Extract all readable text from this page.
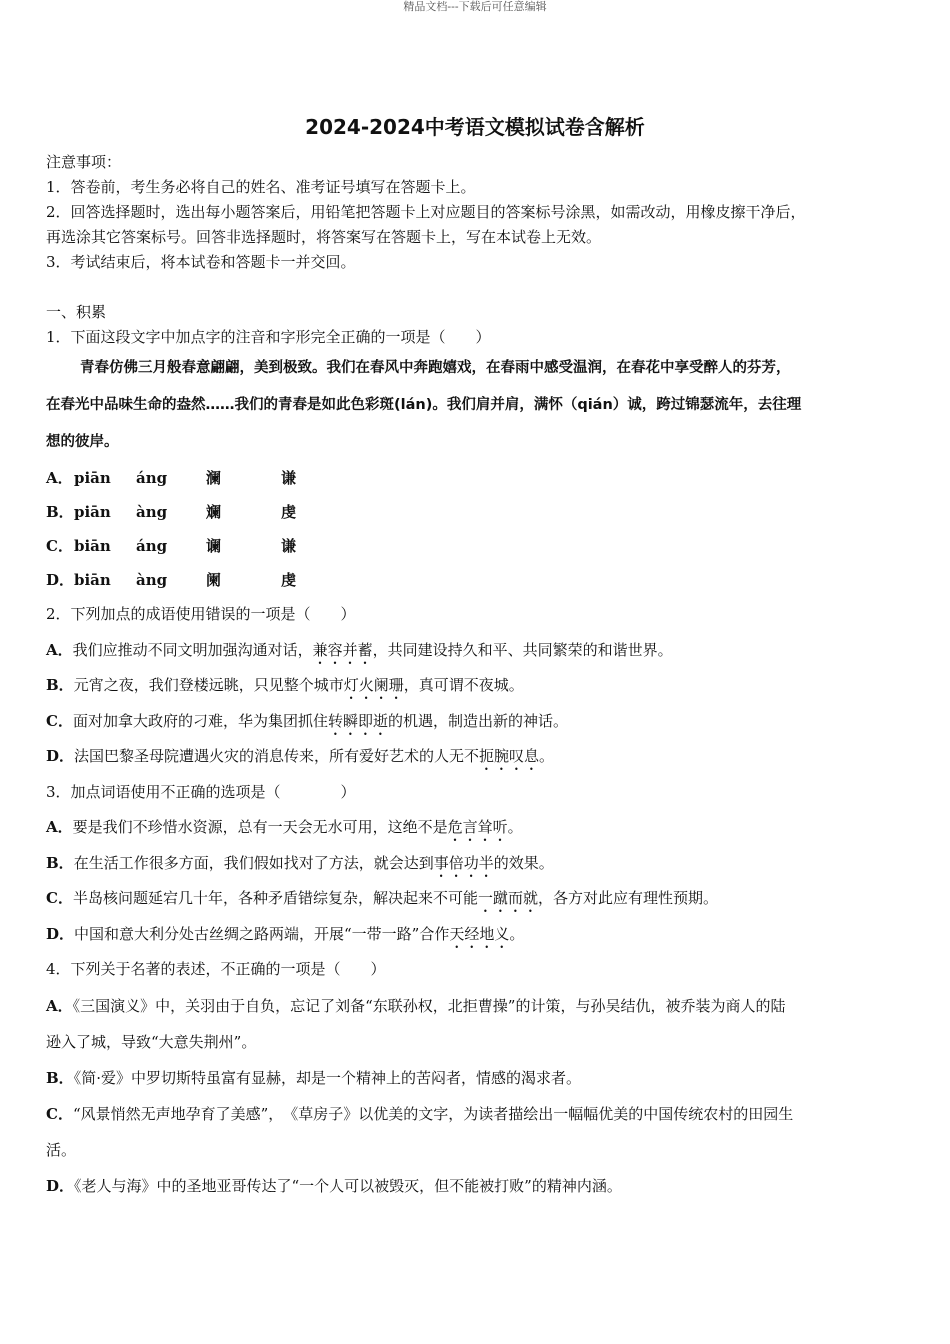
精品文档---下载后可任意编辑
2024-2024中考语文模拟试卷含解析
注意事项：
1．答卷前，考生务必将自己的姓名、准考证号填写在答题卡上。
2．回答选择题时，选出每小题答案后，用铅笔把答题卡上对应题目的答案标号涂黑，如需改动，用橡皮擦干净后，
再选涂其它答案标号。回答非选择题时，将答案写在答题卡上，写在本试卷上无效。
3．考试结束后，将本试卷和答题卡一并交回。
一、积累
1．下面这段文字中加点字的注音和字形完全正确的一项是（　　）
青春仿佛三月般春意翩翩，美到极致。我们在春风中奔跑嬉戏，在春雨中感受温润，在春花中享受醉人的芬芳，
在春光中品味生命的盎然……我们的青春是如此色彩斑(lán)。我们肩并肩，满怀（qián）诚，跨过锦瑟流年，去往理
想的彼岸。
A． piān	áng	澜	谦
B． piān	àng	斓	虔
C． biān	áng	谰	谦
D． biān	àng	阑	虔
2．下列加点的成语使用错误的一项是（　　）
A．我们应推动不同文明加强沟通对话，兼容并蓄，共同建设持久和平、共同繁荣的和谐世界。
B．元宵之夜，我们登楼远眺，只见整个城市灯火阑珊，真可谓不夜城。
C．面对加拿大政府的刁难，华为集团抓住转瞬即逝的机遇，制造出新的神话。
D．法国巴黎圣母院遭遇火灾的消息传来，所有爱好艺术的人无不扼腕叹息。
3．加点词语使用不正确的选项是（　　　　）
A．要是我们不珍惜水资源，总有一天会无水可用，这绝不是危言耸听。
B．在生活工作很多方面，我们假如找对了方法，就会达到事倍功半的效果。
C．半岛核问题延宕几十年，各种矛盾错综复杂，解决起来不可能一蹴而就，各方对此应有理性预期。
D．中国和意大利分处古丝绸之路两端，开展“一带一路”合作天经地义。
4．下列关于名著的表述，不正确的一项是（　　）
A．《三国演义》中，关羽由于自负，忘记了刘备“东联孙权，北拒曹操”的计策，与孙吴结仇，被乔装为商人的陆
逊入了城，导致“大意失荆州”。
B．《简·爱》中罗切斯特虽富有显赫，却是一个精神上的苦闷者，情感的渴求者。
C．“风景悄然无声地孕育了美感”，　《草房子》以优美的文字，为读者描绘出一幅幅优美的中国传统农村的田园生
活。
D．《老人与海》中的圣地亚哥传达了“一个人可以被毁灭，但不能被打败”的精神内涵。
